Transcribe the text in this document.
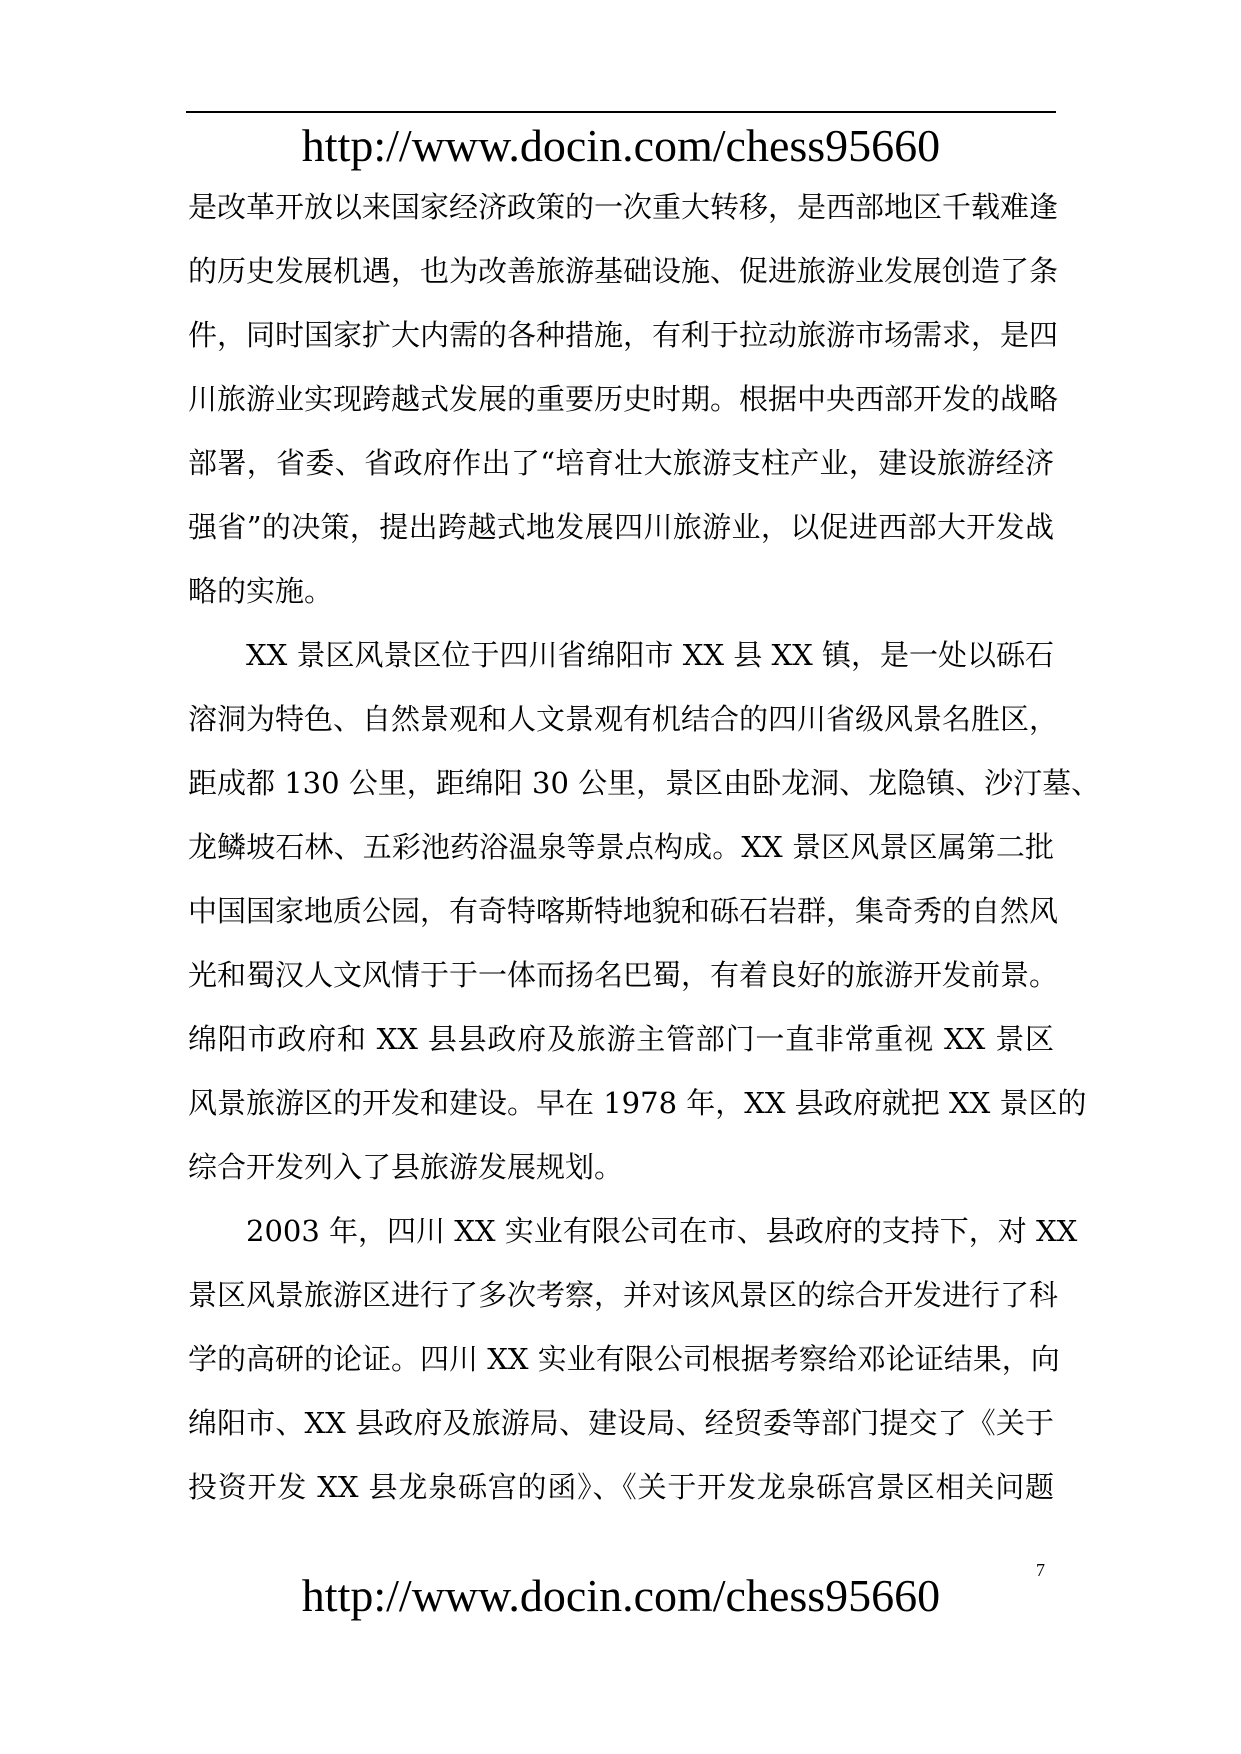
http://www.docin.com/chess95660
是改革开放以来国家经济政策的一次重大转移，是西部地区千载难逢
的历史发展机遇，也为改善旅游基础设施、促进旅游业发展创造了条
件，同时国家扩大内需的各种措施，有利于拉动旅游市场需求，是四
川旅游业实现跨越式发展的重要历史时期。根据中央西部开发的战略
部署，省委、省政府作出了“培育壮大旅游支柱产业，建设旅游经济
强省”的决策，提出跨越式地发展四川旅游业，以促进西部大开发战
略的实施。
　　XX 景区风景区位于四川省绵阳市 XX 县 XX 镇，是一处以砾石
溶洞为特色、自然景观和人文景观有机结合的四川省级风景名胜区，
距成都 130 公里，距绵阳 30 公里，景区由卧龙洞、龙隐镇、沙汀墓、
龙鳞坡石林、五彩池药浴温泉等景点构成。XX 景区风景区属第二批
中国国家地质公园，有奇特喀斯特地貌和砾石岩群，集奇秀的自然风
光和蜀汉人文风情于于一体而扬名巴蜀，有着良好的旅游开发前景。
绵阳市政府和 XX 县县政府及旅游主管部门一直非常重视 XX 景区
风景旅游区的开发和建设。早在 1978 年，XX 县政府就把 XX 景区的
综合开发列入了县旅游发展规划。
　　2003 年，四川 XX 实业有限公司在市、县政府的支持下，对 XX
景区风景旅游区进行了多次考察，并对该风景区的综合开发进行了科
学的高研的论证。四川 XX 实业有限公司根据考察给邓论证结果，向
绵阳市、XX 县政府及旅游局、建设局、经贸委等部门提交了《关于
投资开发 XX 县龙泉砾宫的函》、《关于开发龙泉砾宫景区相关问题
http://www.docin.com/chess95660	7
